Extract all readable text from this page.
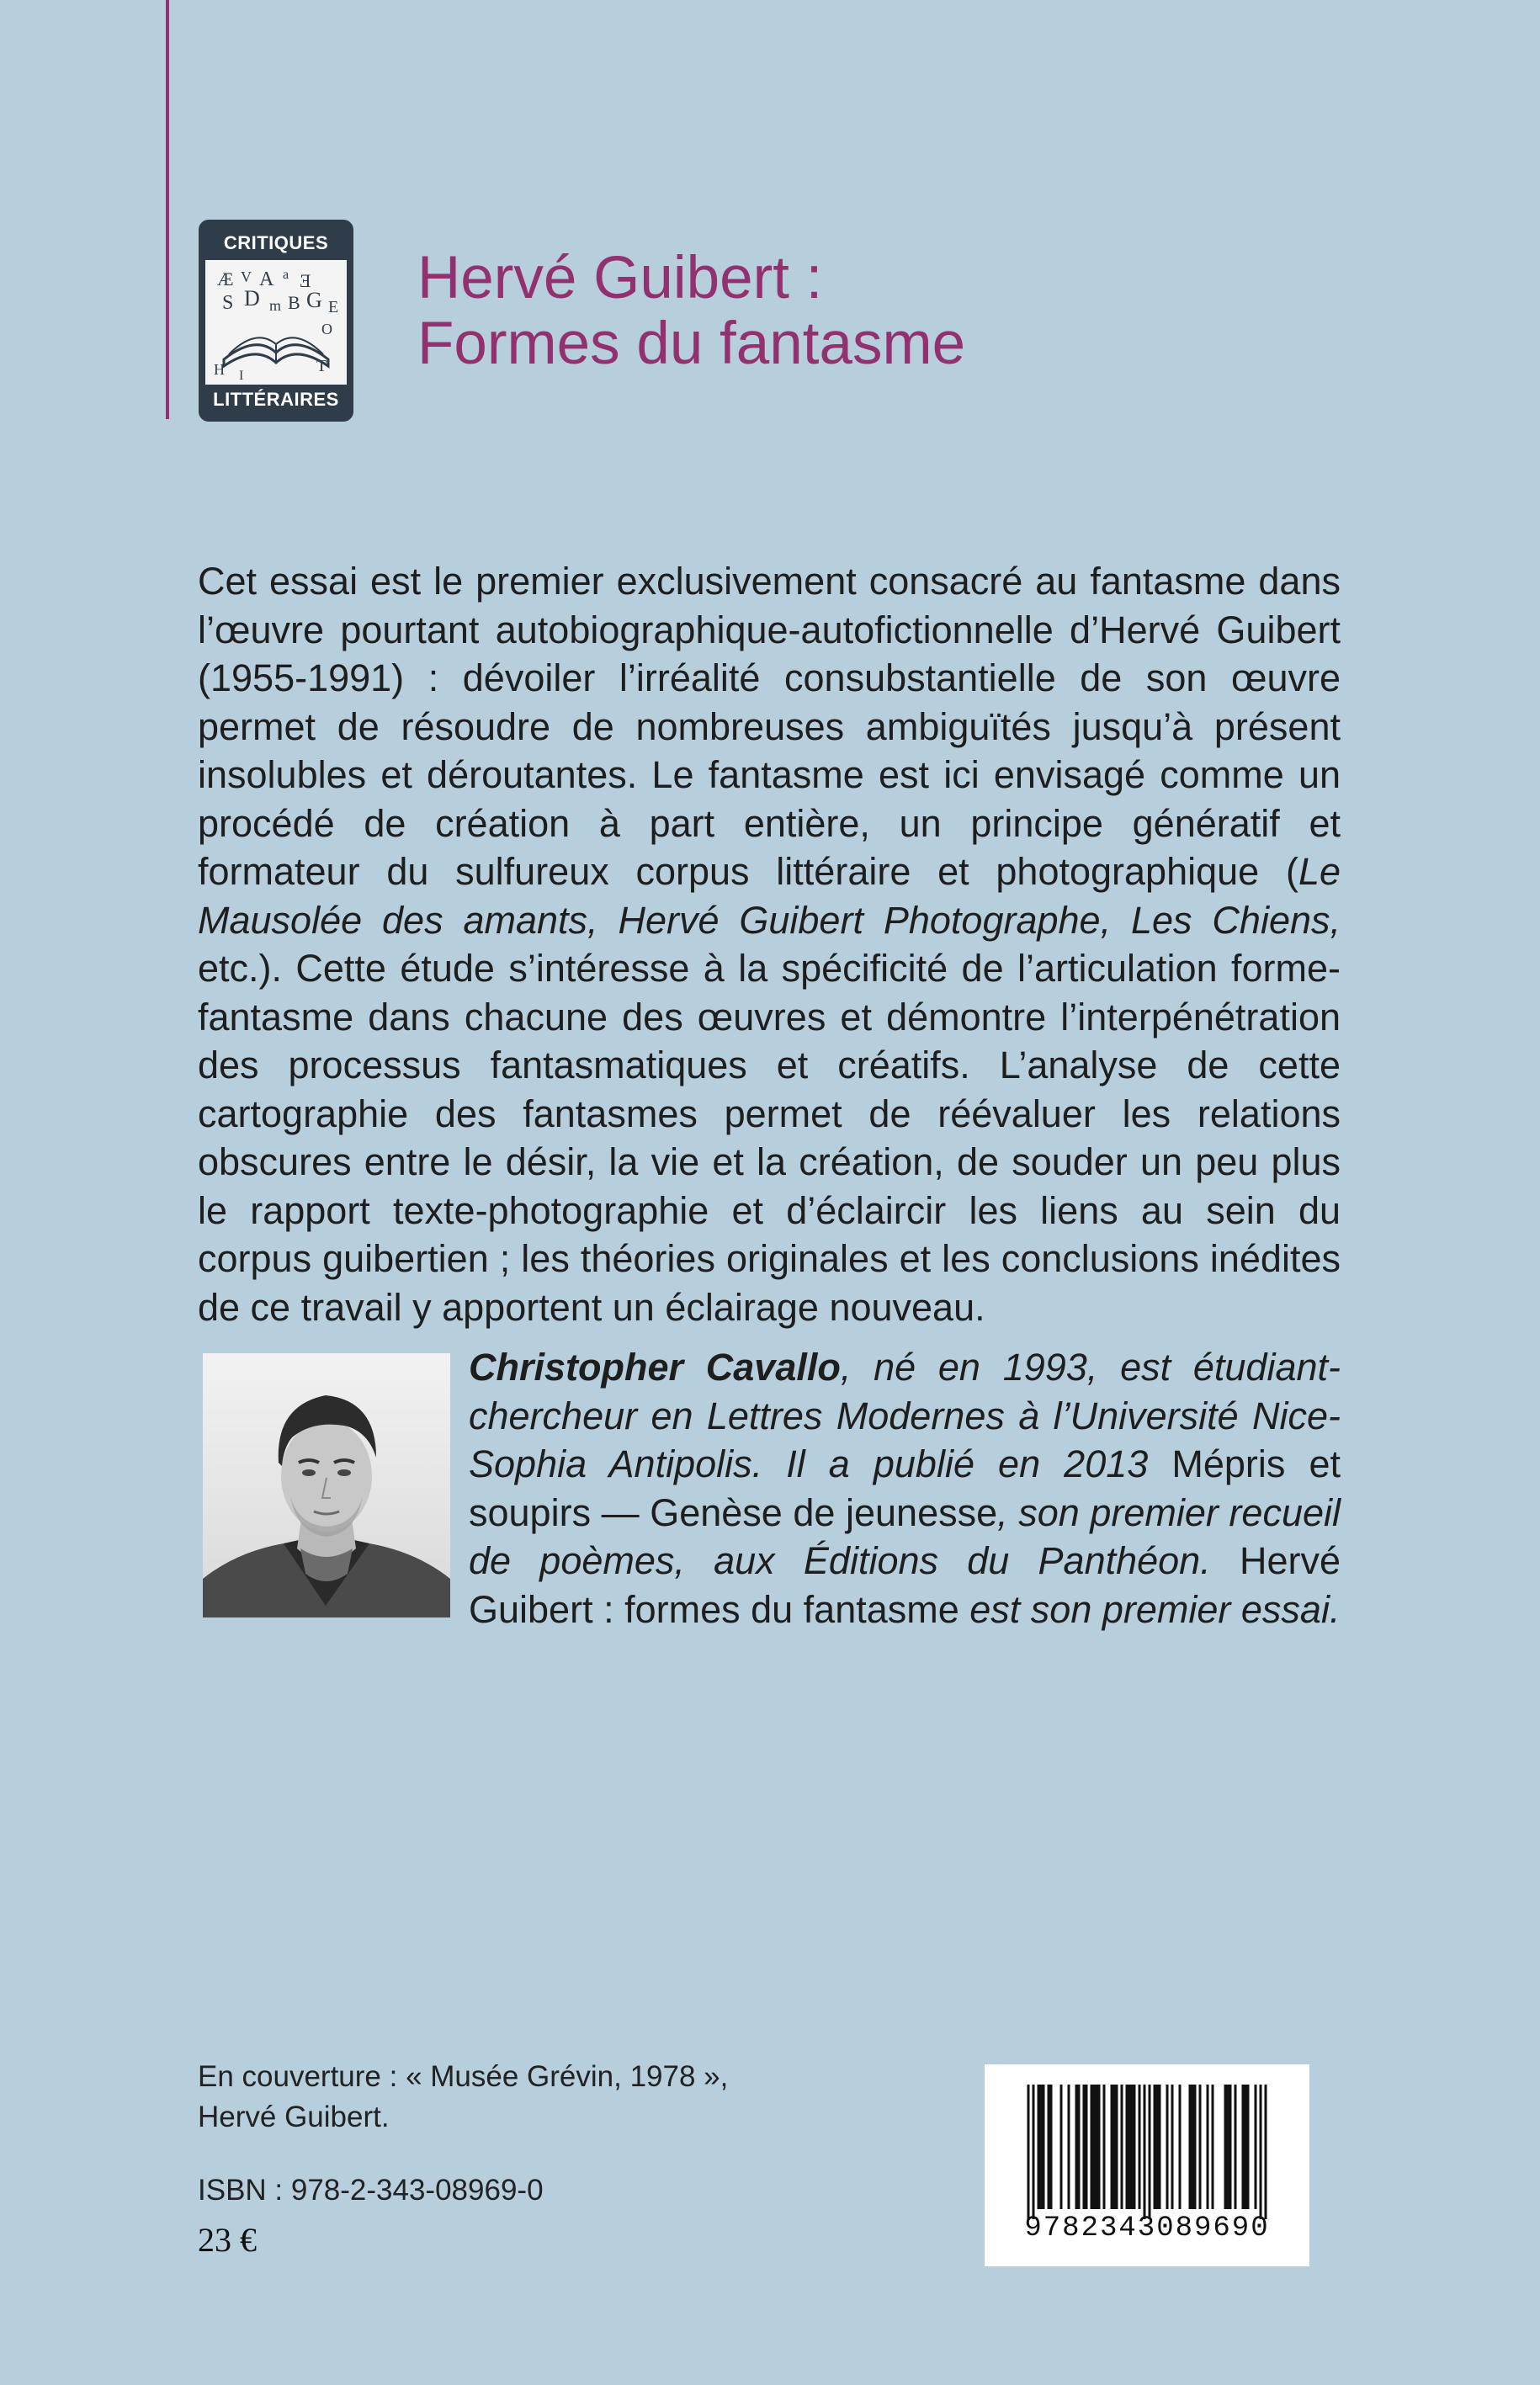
CRITIQUES
Æ V A a Ǝ
S D m B G E
O
H I
T
LITTÉRAIRES
Hervé Guibert :
Formes du fantasme

Cet essai est le premier exclusivement consacré au fantasme dans l’œuvre pourtant autobiographique-autofictionnelle d’Hervé Guibert (1955-1991) : dévoiler l’irréalité consubstantielle de son œuvre permet de résoudre de nombreuses ambiguïtés jusqu’à présent insolubles et déroutantes. Le fantasme est ici envisagé comme un procédé de création à part entière, un principe génératif et formateur du sulfureux corpus littéraire et photographique (Le Mausolée des amants, Hervé Guibert Photographe, Les Chiens, etc.). Cette étude s’intéresse à la spécificité de l’articulation forme-fantasme dans chacune des œuvres et démontre l’interpénétration des processus fantasmatiques et créatifs. L’analyse de cette cartographie des fantasmes permet de réévaluer les relations obscures entre le désir, la vie et la création, de souder un peu plus le rapport texte-photographie et d’éclaircir les liens au sein du corpus guibertien ; les théories originales et les conclusions inédites de ce travail y apportent un éclairage nouveau.

Christopher Cavallo, né en 1993, est étudiant-chercheur en Lettres Modernes à l’Université Nice-Sophia Antipolis. Il a publié en 2013 Mépris et soupirs — Genèse de jeunesse, son premier recueil de poèmes, aux Éditions du Panthéon. Hervé Guibert : formes du fantasme est son premier essai.
En couverture : « Musée Grévin, 1978 »,
Hervé Guibert.
ISBN : 978-2-343-08969-0
23 €	9782343089690
